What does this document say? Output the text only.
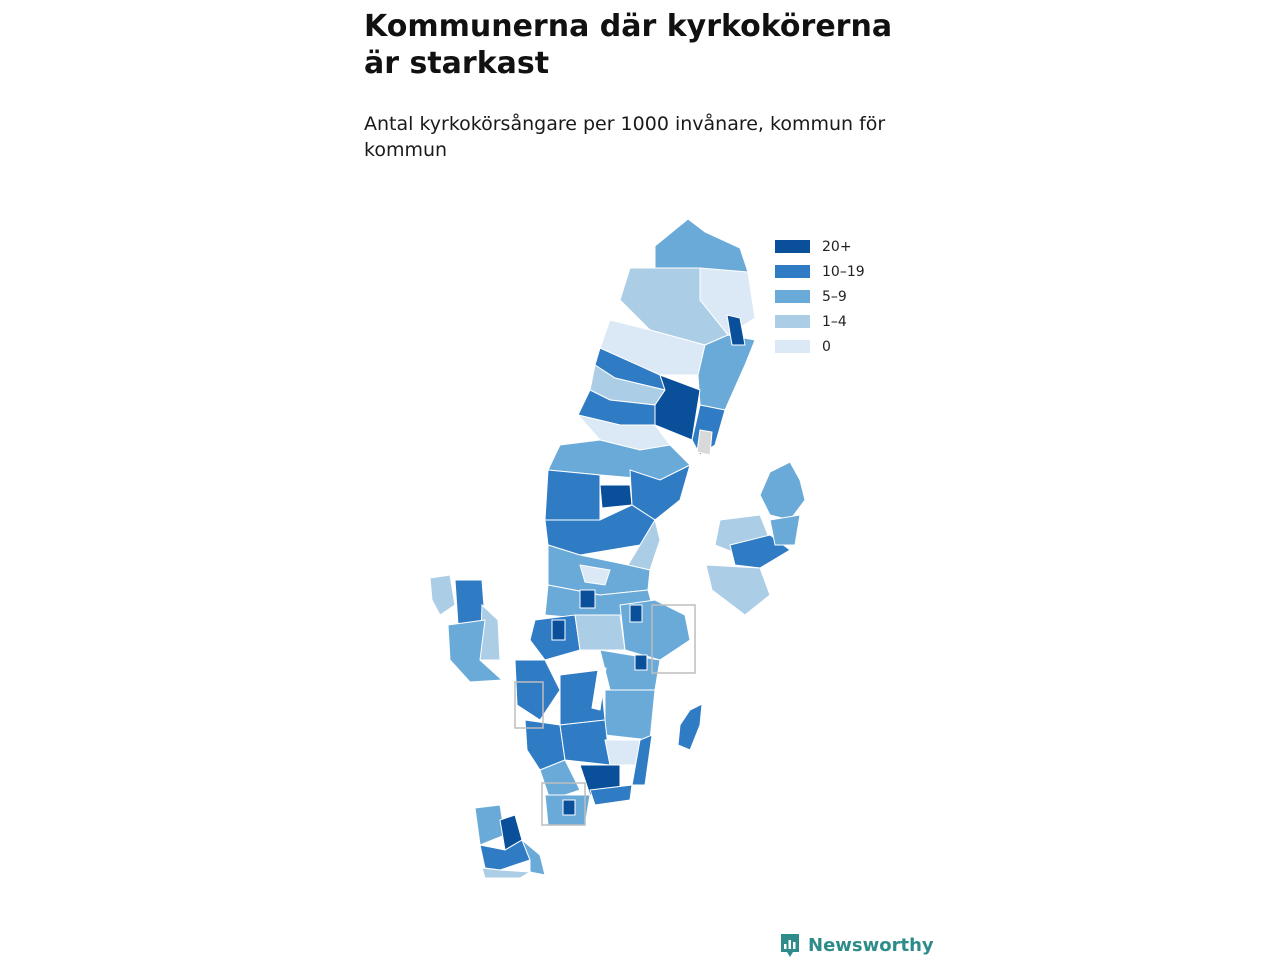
Kommunerna där kyrkokörerna är starkast

Antal kyrkokörsångare per 1000 invånare, kommun för kommun

20+
10–19
5–9
1–4
0
Newsworthy
